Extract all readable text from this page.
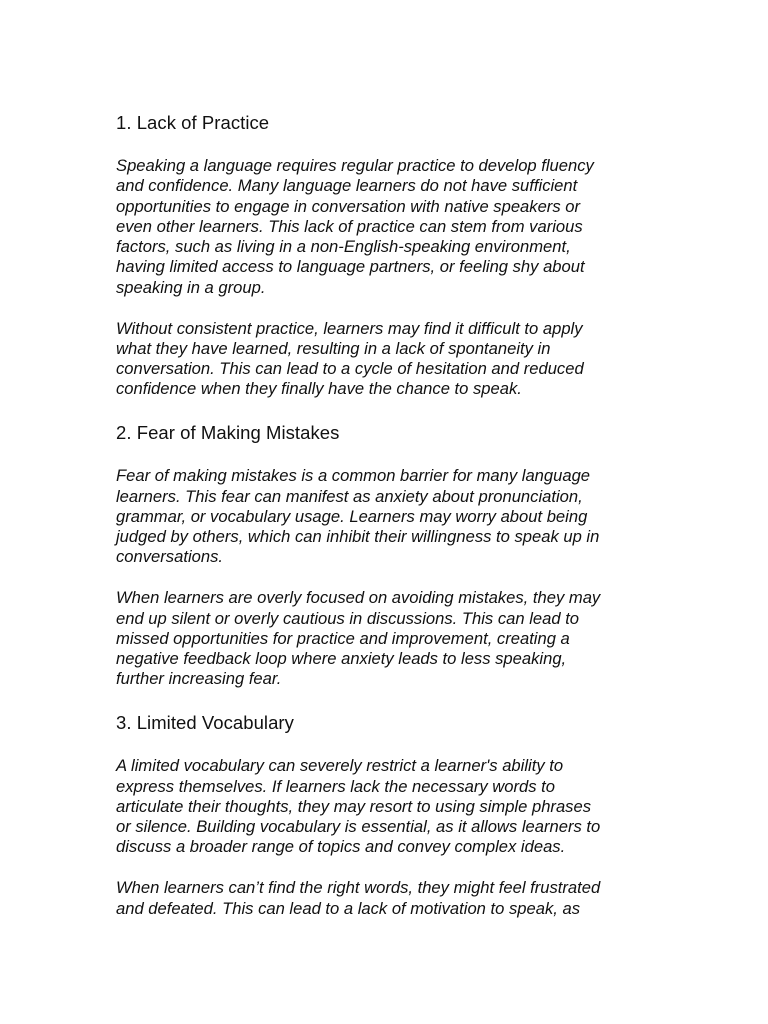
1. Lack of Practice

Speaking a language requires regular practice to develop fluency
and confidence. Many language learners do not have sufficient
opportunities to engage in conversation with native speakers or
even other learners. This lack of practice can stem from various
factors, such as living in a non-English-speaking environment,
having limited access to language partners, or feeling shy about
speaking in a group.

Without consistent practice, learners may find it difficult to apply
what they have learned, resulting in a lack of spontaneity in
conversation. This can lead to a cycle of hesitation and reduced
confidence when they finally have the chance to speak.

2. Fear of Making Mistakes

Fear of making mistakes is a common barrier for many language
learners. This fear can manifest as anxiety about pronunciation,
grammar, or vocabulary usage. Learners may worry about being
judged by others, which can inhibit their willingness to speak up in
conversations.

When learners are overly focused on avoiding mistakes, they may
end up silent or overly cautious in discussions. This can lead to
missed opportunities for practice and improvement, creating a
negative feedback loop where anxiety leads to less speaking,
further increasing fear.

3. Limited Vocabulary

A limited vocabulary can severely restrict a learner's ability to
express themselves. If learners lack the necessary words to
articulate their thoughts, they may resort to using simple phrases
or silence. Building vocabulary is essential, as it allows learners to
discuss a broader range of topics and convey complex ideas.

When learners can’t find the right words, they might feel frustrated
and defeated. This can lead to a lack of motivation to speak, as
